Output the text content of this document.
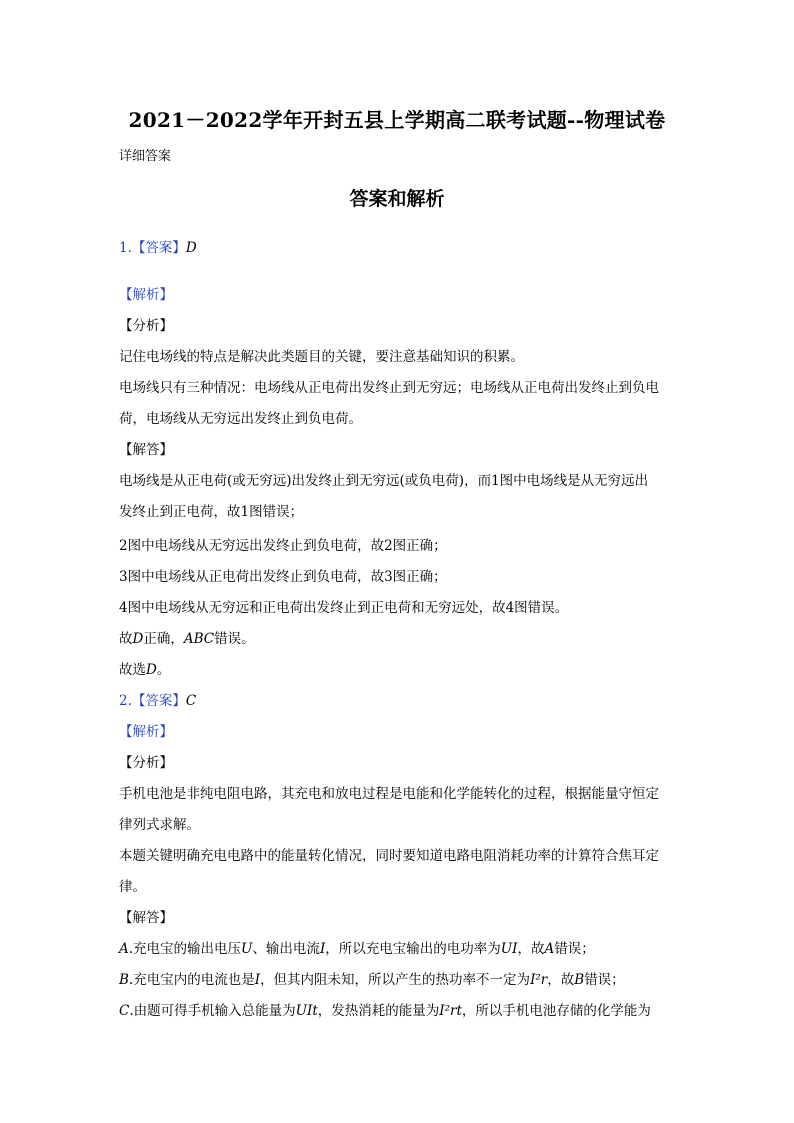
2021－2022学年开封五县上学期高二联考试题--物理试卷
详细答案
答案和解析
1.【答案】D
【解析】
【分析】
记住电场线的特点是解决此类题目的关键，要注意基础知识的积累。
电场线只有三种情况：电场线从正电荷出发终止到无穷远；电场线从正电荷出发终止到负电
荷，电场线从无穷远出发终止到负电荷。
【解答】
电场线是从正电荷(或无穷远)出发终止到无穷远(或负电荷)，而1图中电场线是从无穷远出
发终止到正电荷，故1图错误；
2图中电场线从无穷远出发终止到负电荷，故2图正确；
3图中电场线从正电荷出发终止到负电荷，故3图正确；
4图中电场线从无穷远和正电荷出发终止到正电荷和无穷远处，故4图错误。
故D正确，ABC错误。
故选D。
2.【答案】C
【解析】
【分析】
手机电池是非纯电阻电路，其充电和放电过程是电能和化学能转化的过程，根据能量守恒定
律列式求解。
本题关键明确充电电路中的能量转化情况，同时要知道电路电阻消耗功率的计算符合焦耳定
律。
【解答】
A.充电宝的输出电压U、输出电流I，所以充电宝输出的电功率为UI，故A错误；
B.充电宝内的电流也是I，但其内阻未知，所以产生的热功率不一定为I²r，故B错误；
C.由题可得手机输入总能量为UIt，发热消耗的能量为I²rt，所以手机电池存储的化学能为
